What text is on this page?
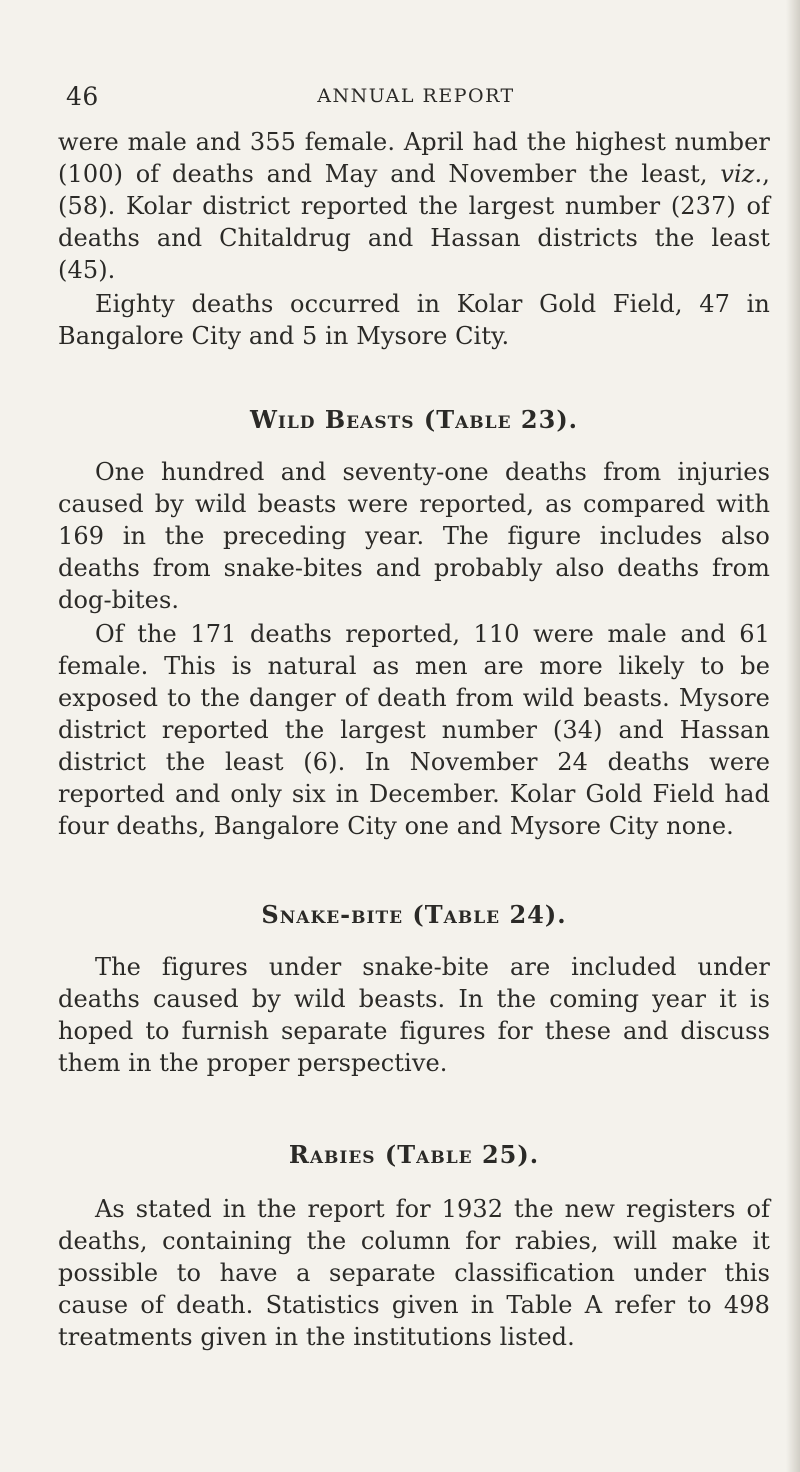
46	ANNUAL REPORT

were male and 355 female. April had the highest number (100) of deaths and May and November the least, viz., (58). Kolar district reported the largest number (237) of deaths and Chitaldrug and Hassan districts the least (45).

Eighty deaths occurred in Kolar Gold Field, 47 in Bangalore City and 5 in Mysore City.

Wild Beasts (Table 23).

One hundred and seventy-one deaths from injuries caused by wild beasts were reported, as compared with 169 in the preceding year. The figure includes also deaths from snake-bites and probably also deaths from dog-bites.

Of the 171 deaths reported, 110 were male and 61 female. This is natural as men are more likely to be exposed to the danger of death from wild beasts. Mysore district reported the largest number (34) and Hassan district the least (6). In November 24 deaths were reported and only six in December. Kolar Gold Field had four deaths, Bangalore City one and Mysore City none.

Snake-bite (Table 24).

The figures under snake-bite are included under deaths caused by wild beasts. In the coming year it is hoped to furnish separate figures for these and discuss them in the proper perspective.

Rabies (Table 25).

As stated in the report for 1932 the new registers of deaths, containing the column for rabies, will make it possible to have a separate classification under this cause of death. Statistics given in Table A refer to 498 treatments given in the institutions listed.
